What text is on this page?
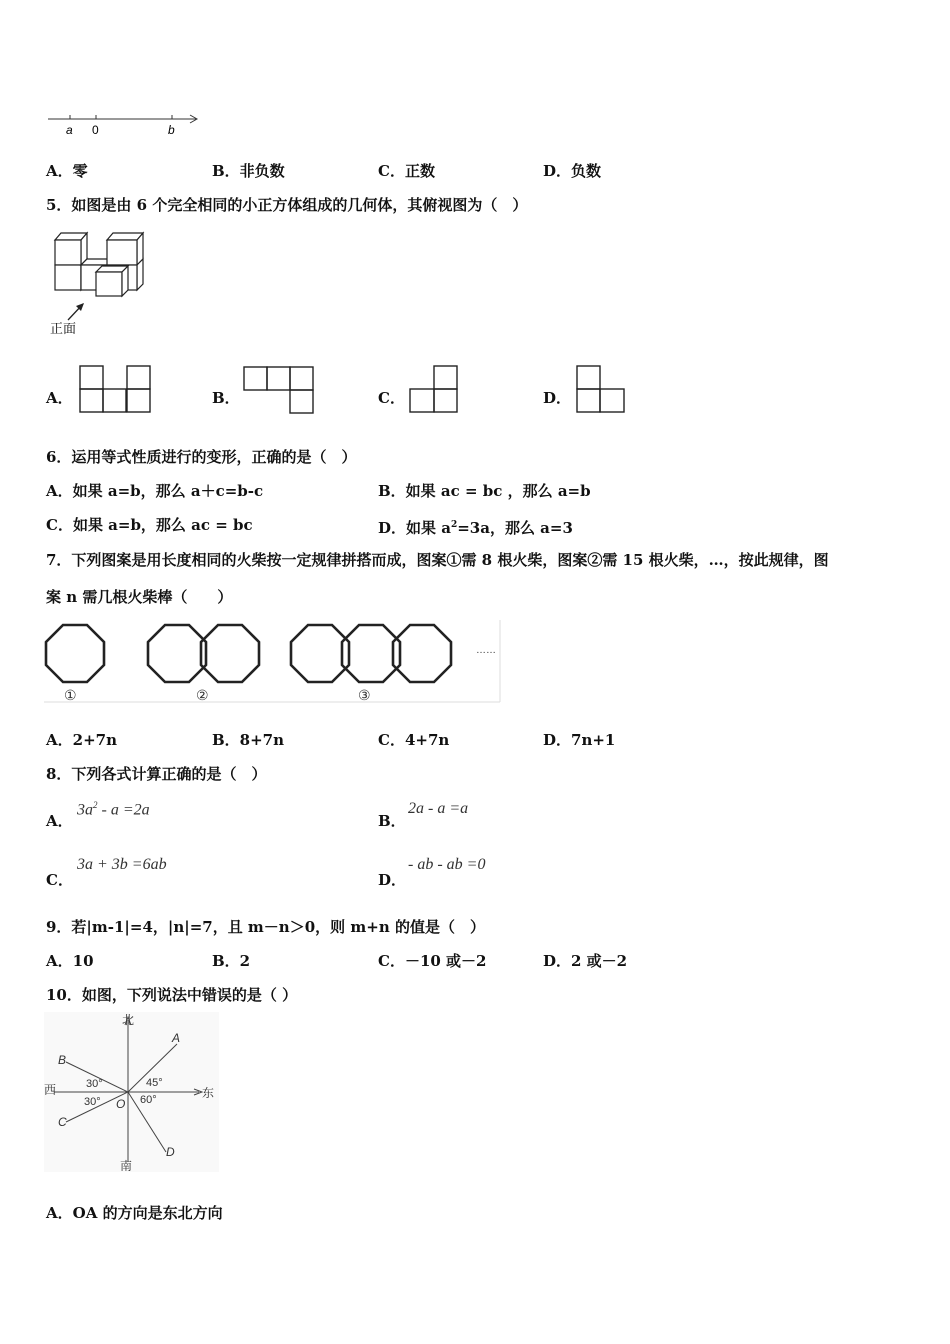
a 0	b
A．零	B．非负数	C．正数	D．负数
5．如图是由 6 个完全相同的小正方体组成的几何体，其俯视图为（　）
正面
A．	B．	C．	D．
6．运用等式性质进行的变形，正确的是（　）
A．如果 a=b，那么 a＋c=b-c	B．如果 ac = bc ，那么 a=b
C．如果 a=b，那么 ac = bc	D．如果 $a^2=3a$，那么 a=3
7．下列图案是用长度相同的火柴按一定规律拼搭而成，图案①需 8 根火柴，图案②需 15 根火柴，…，按此规律，图
案 n 需几根火柴棒（　　）
……
①	②	③
A．2+7n	B．8+7n	C．4+7n	D．7n+1
8．下列各式计算正确的是（　）
A．
$3a^2 - a =2a$
B．
2a - a =a
C．
3a + 3b =6ab
D．
- ab - ab =0
9．若|m-1|=4，|n|=7，且 m－n＞0，则 m+n 的值是（　）
A．10	B．2	C．－10 或－2	D．2 或－2
10．如图，下列说法中错误的是（ ）
北
南
东
西
A
B
C
D
O
30°
30°
45°
60°
A．OA 的方向是东北方向
